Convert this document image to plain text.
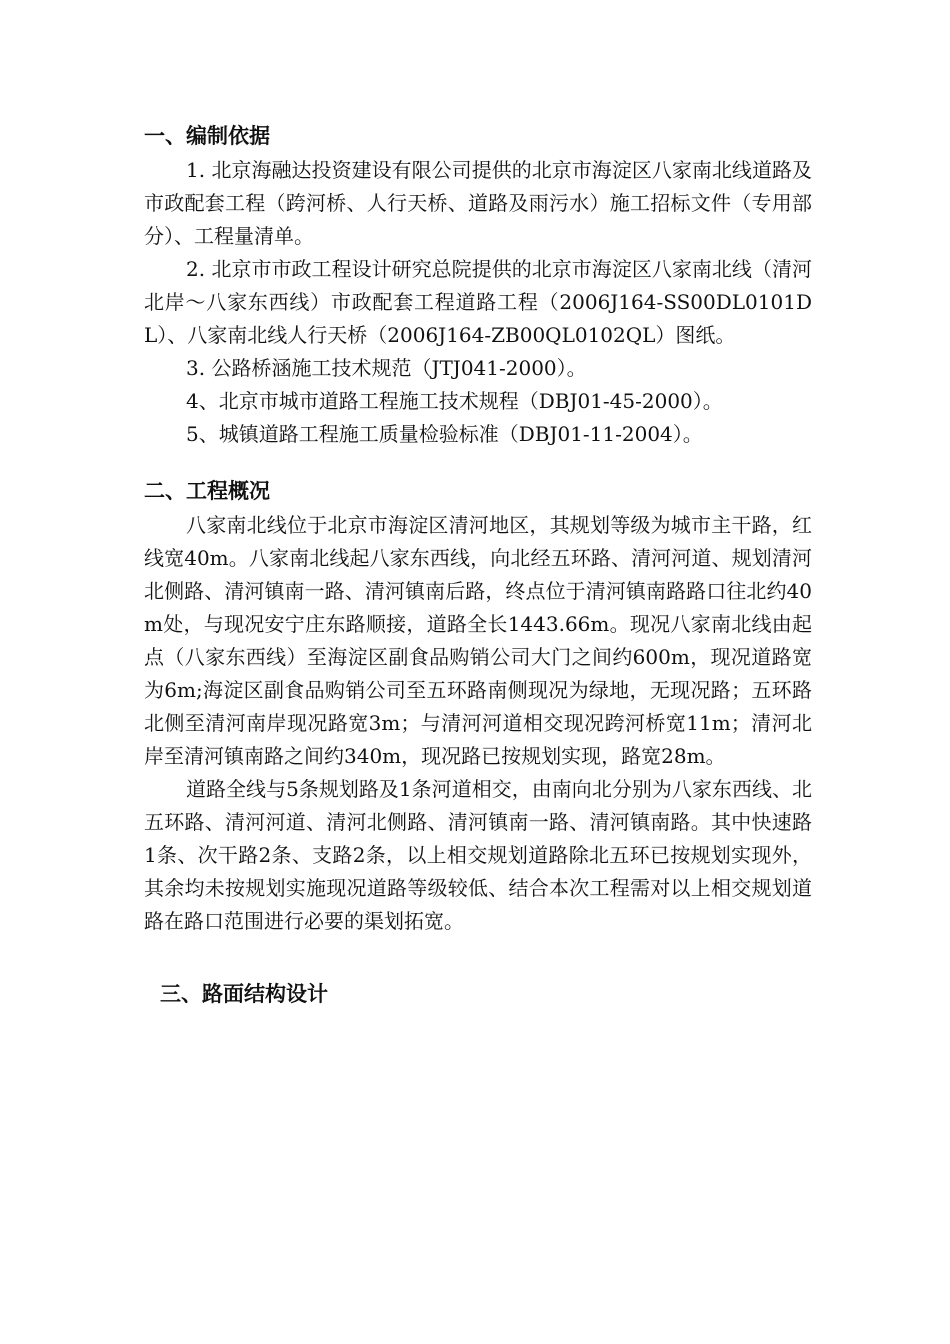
一、编制依据

1. 北京海融达投资建设有限公司提供的北京市海淀区八家南北线道路及市政配套工程（跨河桥、人行天桥、道路及雨污水）施工招标文件（专用部分）、工程量清单。

2. 北京市市政工程设计研究总院提供的北京市海淀区八家南北线（清河北岸～八家东西线）市政配套工程道路工程（2006J164-SS00DL0101DL）、八家南北线人行天桥（2006J164-ZB00QL0102QL）图纸。

3. 公路桥涵施工技术规范（JTJ041-2000）。

4、北京市城市道路工程施工技术规程（DBJ01-45-2000）。

5、城镇道路工程施工质量检验标准（DBJ01-11-2004）。

二、工程概况

八家南北线位于北京市海淀区清河地区，其规划等级为城市主干路，红线宽40m。八家南北线起八家东西线，向北经五环路、清河河道、规划清河北侧路、清河镇南一路、清河镇南后路，终点位于清河镇南路路口往北约40m处，与现况安宁庄东路顺接，道路全长1443.66m。现况八家南北线由起点（八家东西线）至海淀区副食品购销公司大门之间约600m，现况道路宽为6m;海淀区副食品购销公司至五环路南侧现况为绿地，无现况路；五环路北侧至清河南岸现况路宽3m；与清河河道相交现况跨河桥宽11m；清河北岸至清河镇南路之间约340m，现况路已按规划实现，路宽28m。

道路全线与5条规划路及1条河道相交，由南向北分别为八家东西线、北五环路、清河河道、清河北侧路、清河镇南一路、清河镇南路。其中快速路1条、次干路2条、支路2条，以上相交规划道路除北五环已按规划实现外，其余均未按规划实施现况道路等级较低、结合本次工程需对以上相交规划道路在路口范围进行必要的渠划拓宽。

三、路面结构设计
